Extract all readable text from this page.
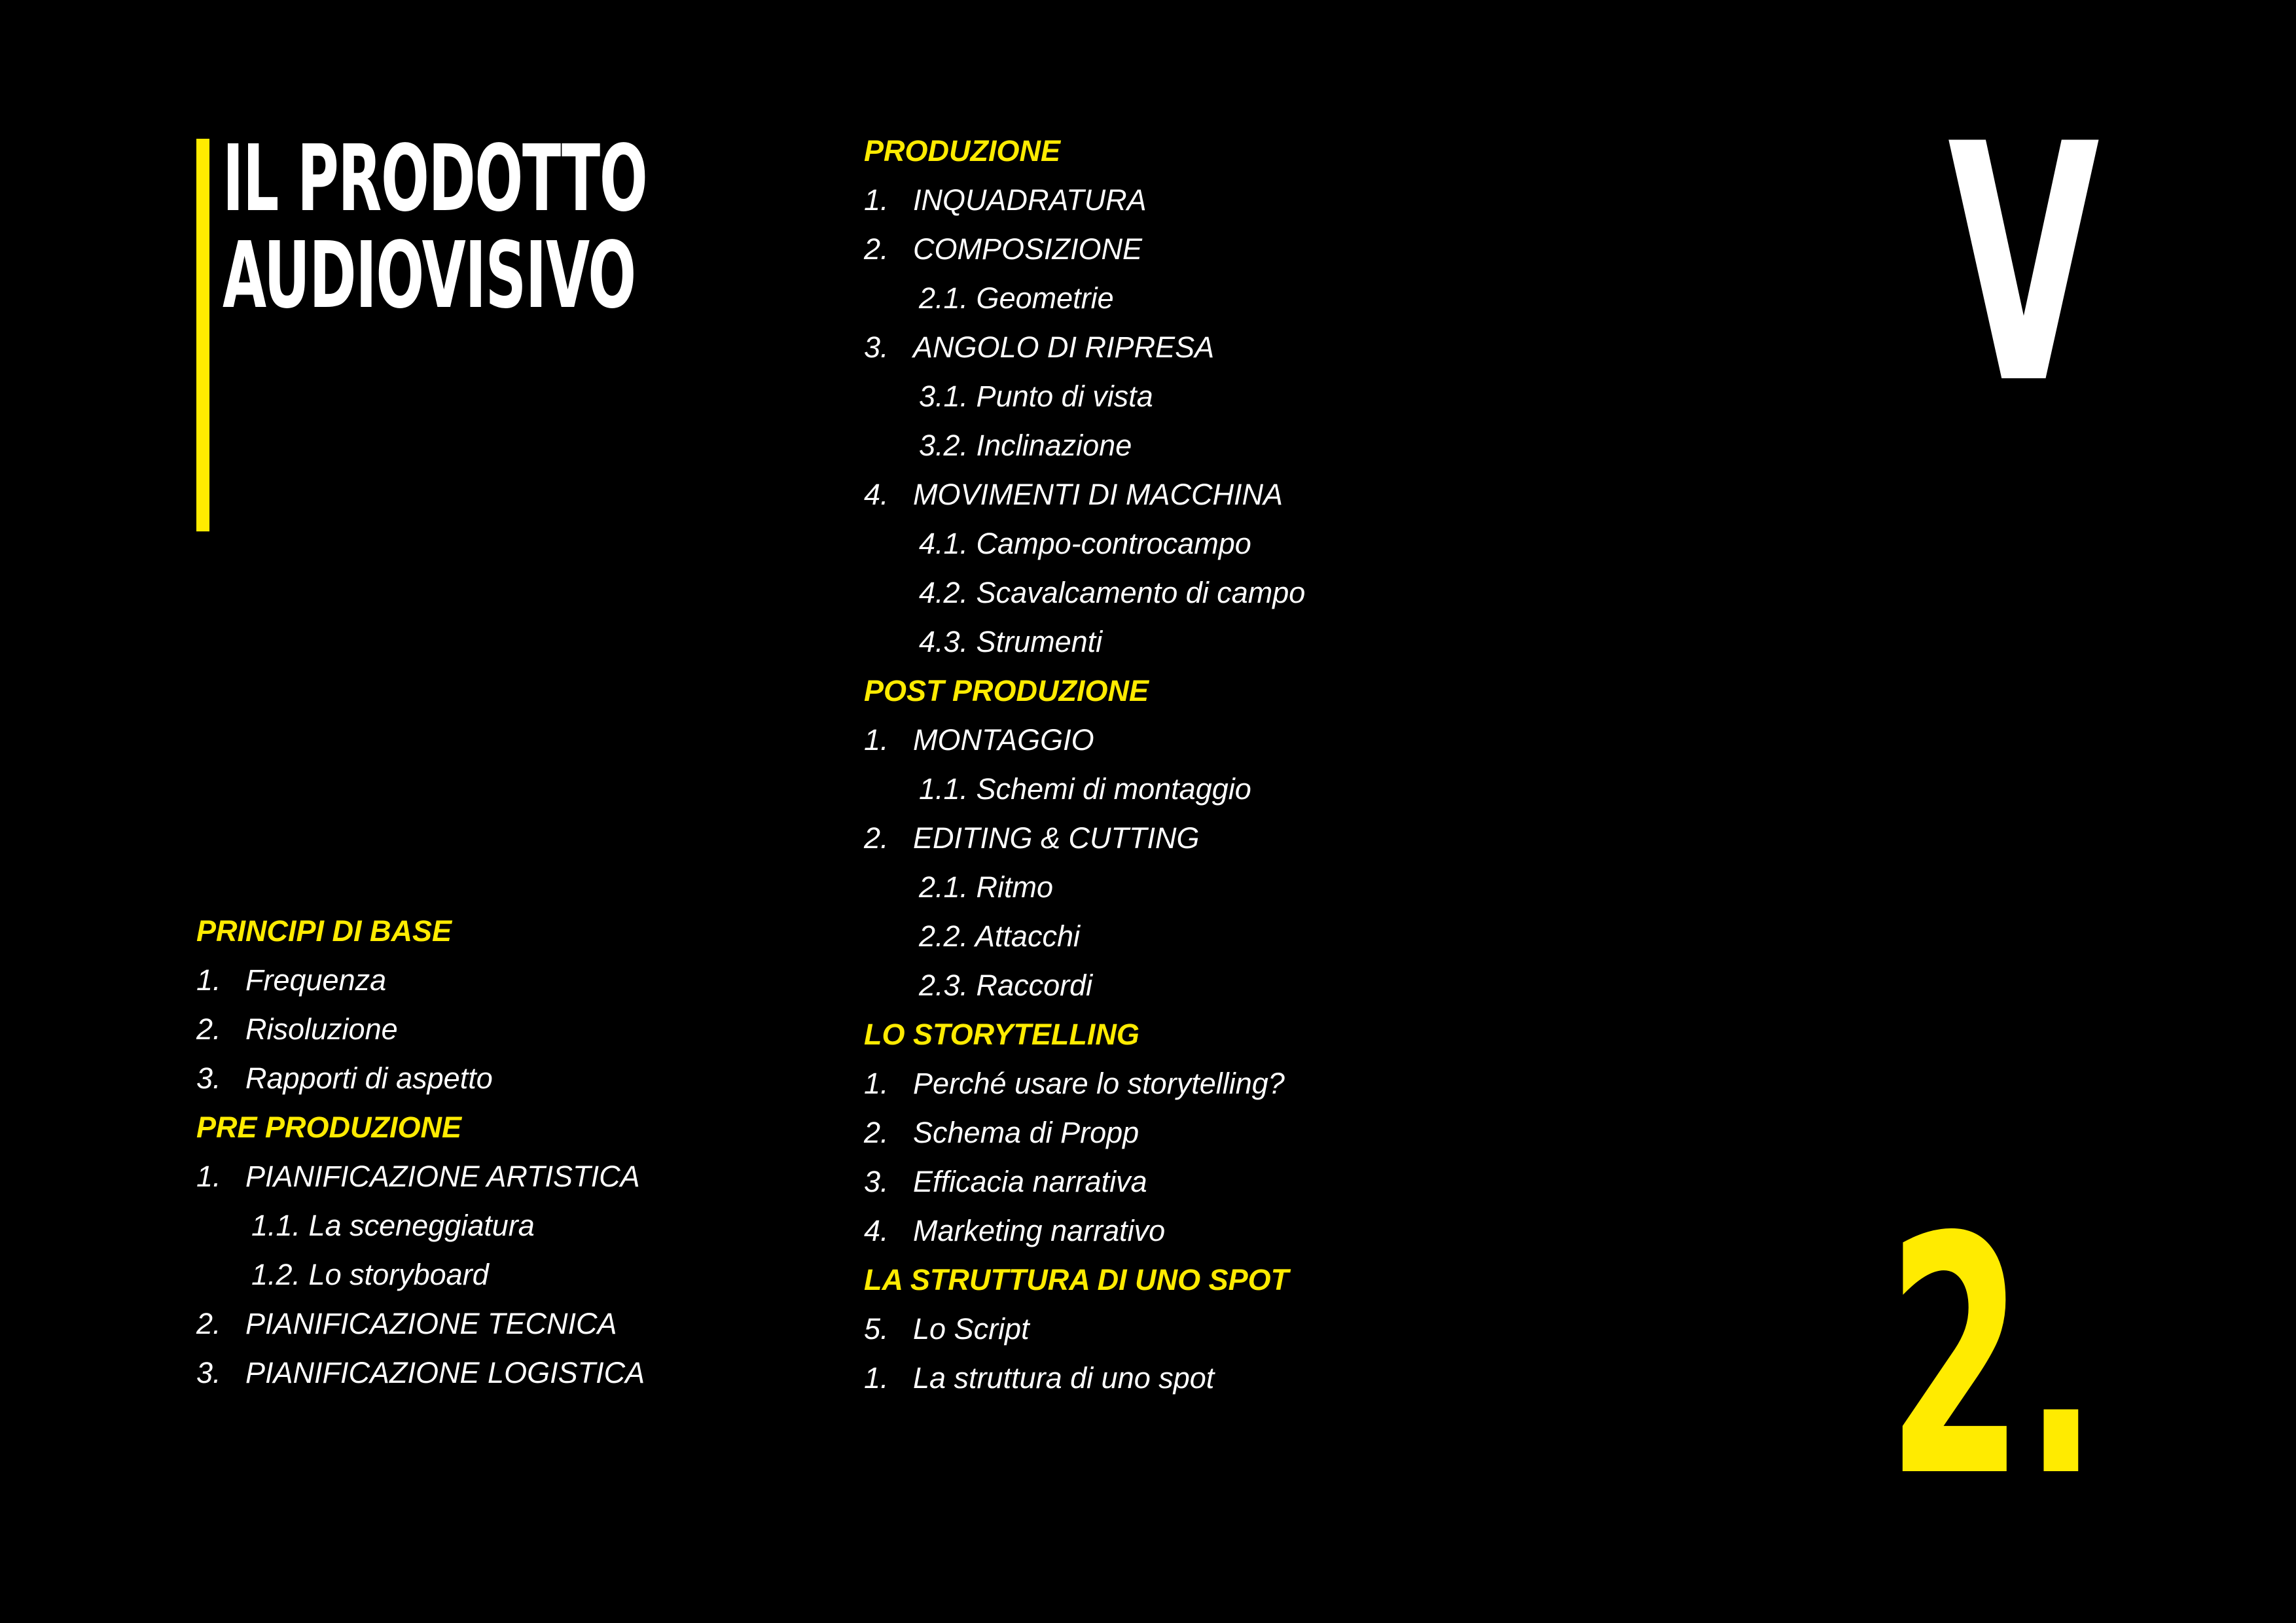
IL PRODOTTO
AUDIOVISIVO
PRINCIPI DI BASE
1. Frequenza
2. Risoluzione
3. Rapporti di aspetto
PRE PRODUZIONE
1. PIANIFICAZIONE ARTISTICA
1.1. La sceneggiatura
1.2. Lo storyboard
2. PIANIFICAZIONE TECNICA
3. PIANIFICAZIONE LOGISTICA
PRODUZIONE
1. INQUADRATURA
2. COMPOSIZIONE
2.1. Geometrie
3. ANGOLO DI RIPRESA
3.1. Punto di vista
3.2. Inclinazione
4. MOVIMENTI DI MACCHINA
4.1. Campo-controcampo
4.2. Scavalcamento di campo
4.3. Strumenti
POST PRODUZIONE
1. MONTAGGIO
1.1. Schemi di montaggio
2. EDITING & CUTTING
2.1. Ritmo
2.2. Attacchi
2.3. Raccordi
LO STORYTELLING
1. Perché usare lo storytelling?
2. Schema di Propp
3. Efficacia narrativa
4. Marketing narrativo
LA STRUTTURA DI UNO SPOT
5. Lo Script
1. La struttura di uno spot
V
2.
